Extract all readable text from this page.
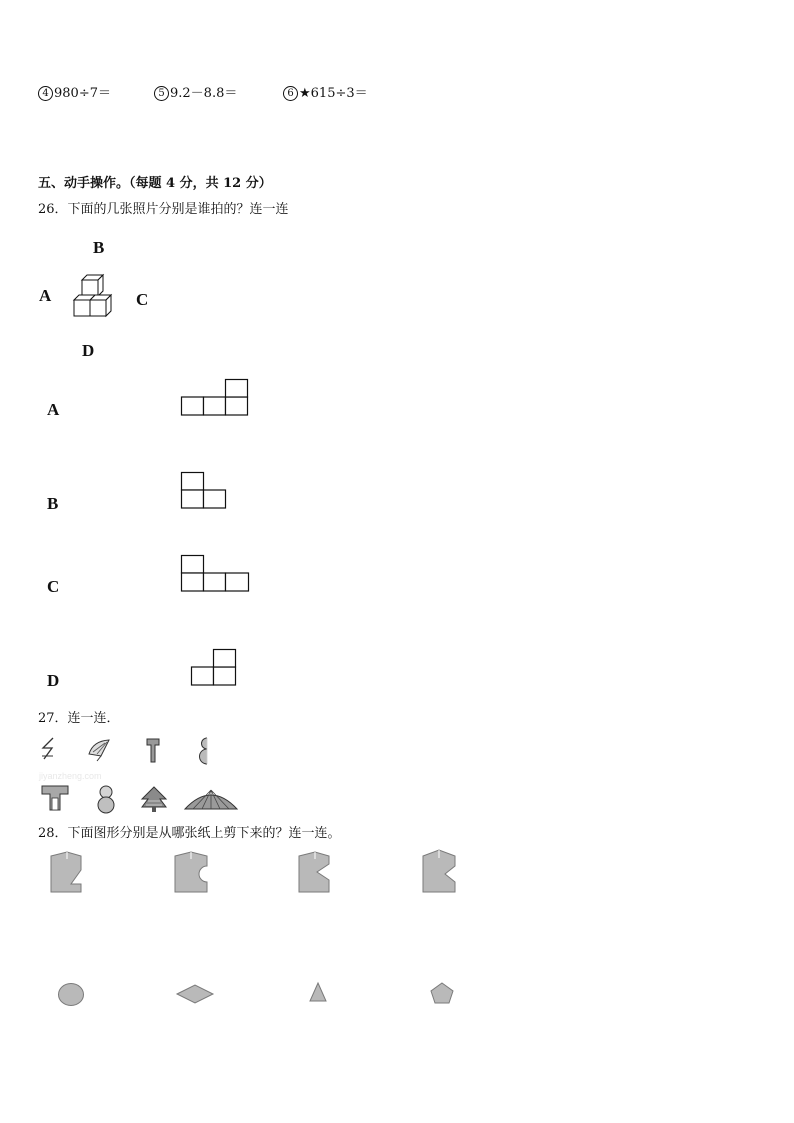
4 980÷7＝	5 9.2－8.8＝	6 ★615÷3＝
五、动手操作。（每题 4 分，共 12 分）
26．下面的几张照片分别是谁拍的？连一连
B
A	C
D
A
B
C
D
27．连一连．
jiyanzheng.com
28．下面图形分别是从哪张纸上剪下来的？连一连。
